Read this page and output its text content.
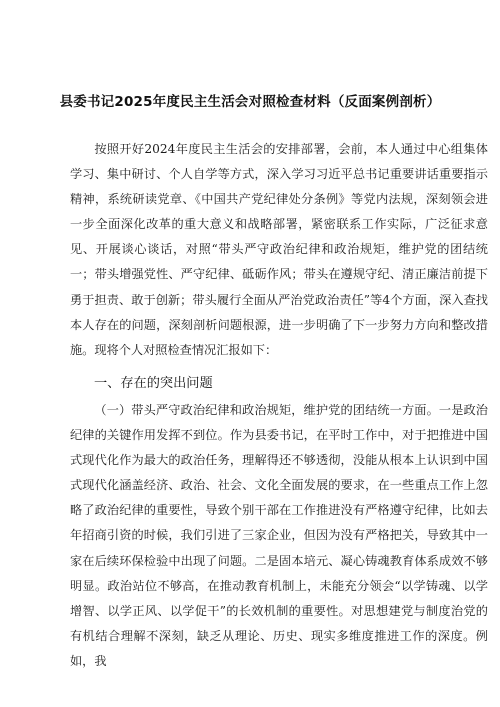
县委书记2025年度民主生活会对照检查材料（反面案例剖析）

按照开好2024年度民主生活会的安排部署，会前，本人通过中心组集体学习、集中研讨、个人自学等方式，深入学习习近平总书记重要讲话重要指示精神，系统研读党章、《中国共产党纪律处分条例》等党内法规，深刻领会进一步全面深化改革的重大意义和战略部署，紧密联系工作实际，广泛征求意见、开展谈心谈话，对照“带头严守政治纪律和政治规矩，维护党的团结统一；带头增强党性、严守纪律、砥砺作风；带头在遵规守纪、清正廉洁前提下勇于担责、敢于创新；带头履行全面从严治党政治责任”等4个方面，深入查找本人存在的问题，深刻剖析问题根源，进一步明确了下一步努力方向和整改措施。现将个人对照检查情况汇报如下：

一、存在的突出问题

（一）带头严守政治纪律和政治规矩，维护党的团结统一方面。一是政治纪律的关键作用发挥不到位。作为县委书记，在平时工作中，对于把推进中国式现代化作为最大的政治任务，理解得还不够透彻，没能从根本上认识到中国式现代化涵盖经济、政治、社会、文化全面发展的要求，在一些重点工作上忽略了政治纪律的重要性，导致个别干部在工作推进没有严格遵守纪律，比如去年招商引资的时候，我们引进了三家企业，但因为没有严格把关，导致其中一家在后续环保检验中出现了问题。二是固本培元、凝心铸魂教育体系成效不够明显。政治站位不够高，在推动教育机制上，未能充分领会“以学铸魂、以学增智、以学正风、以学促干”的长效机制的重要性。对思想建党与制度治党的有机结合理解不深刻，缺乏从理论、历史、现实多维度推进工作的深度。例如，我
